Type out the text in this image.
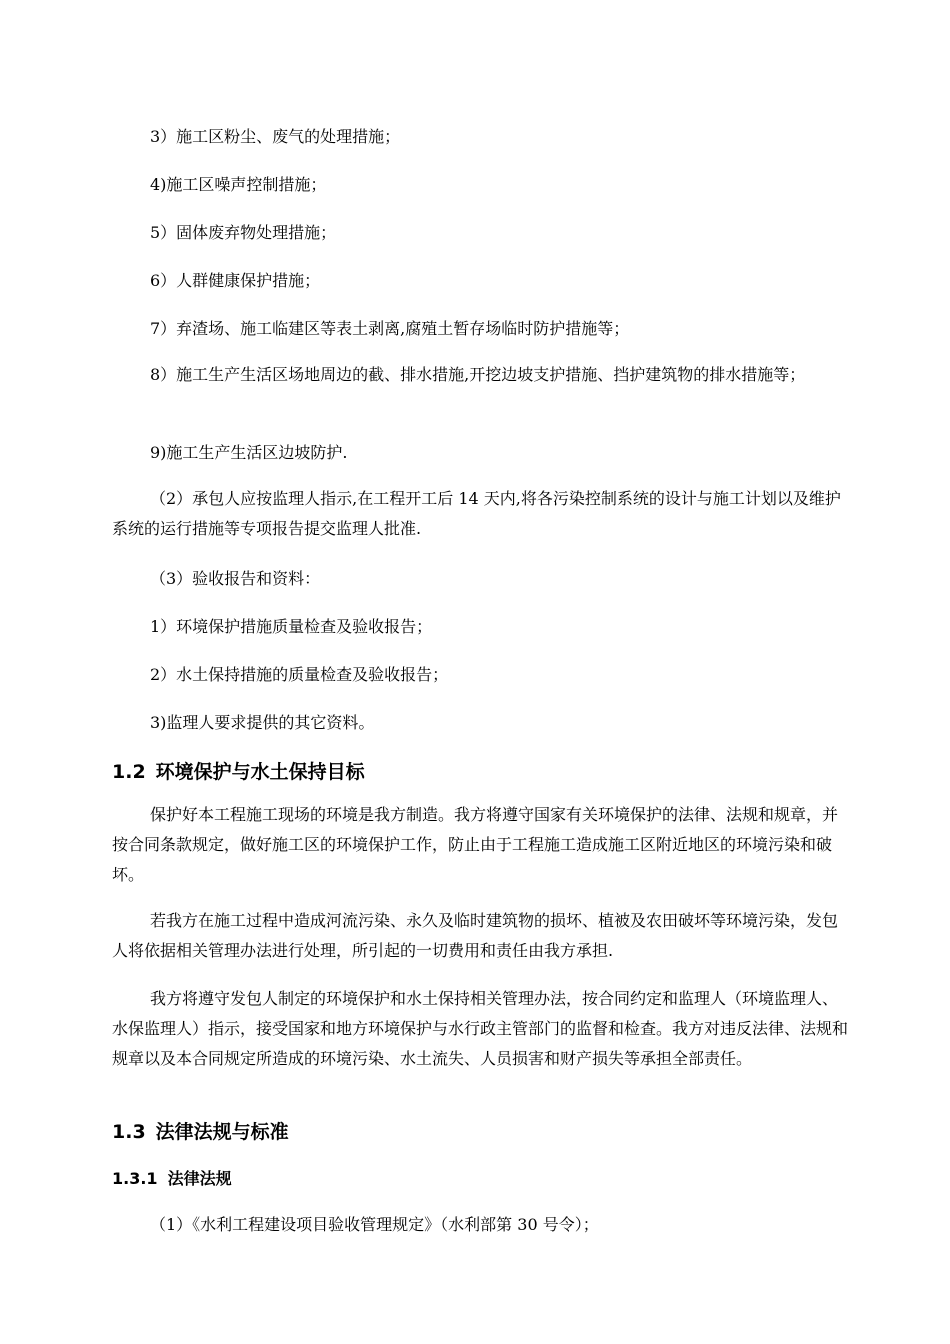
3）施工区粉尘、废气的处理措施；
4)施工区噪声控制措施；
5）固体废弃物处理措施；
6）人群健康保护措施；
7）弃渣场、施工临建区等表土剥离,腐殖土暂存场临时防护措施等；
8）施工生产生活区场地周边的截、排水措施,开挖边坡支护措施、挡护建筑物的排水措施等；
9)施工生产生活区边坡防护.
（2）承包人应按监理人指示,在工程开工后 14 天内,将各污染控制系统的设计与施工计划以及维护系统的运行措施等专项报告提交监理人批准.
（3）验收报告和资料：
1）环境保护措施质量检查及验收报告；
2）水土保持措施的质量检查及验收报告；
3)监理人要求提供的其它资料。
1.2 环境保护与水土保持目标
保护好本工程施工现场的环境是我方制造。我方将遵守国家有关环境保护的法律、法规和规章，并按合同条款规定，做好施工区的环境保护工作，防止由于工程施工造成施工区附近地区的环境污染和破坏。
若我方在施工过程中造成河流污染、永久及临时建筑物的损坏、植被及农田破坏等环境污染，发包人将依据相关管理办法进行处理，所引起的一切费用和责任由我方承担.
我方将遵守发包人制定的环境保护和水土保持相关管理办法，按合同约定和监理人（环境监理人、水保监理人）指示，接受国家和地方环境保护与水行政主管部门的监督和检查。我方对违反法律、法规和规章以及本合同规定所造成的环境污染、水土流失、人员损害和财产损失等承担全部责任。
1.3 法律法规与标准
1.3.1 法律法规
（1）《水利工程建设项目验收管理规定》（水利部第 30 号令）；
